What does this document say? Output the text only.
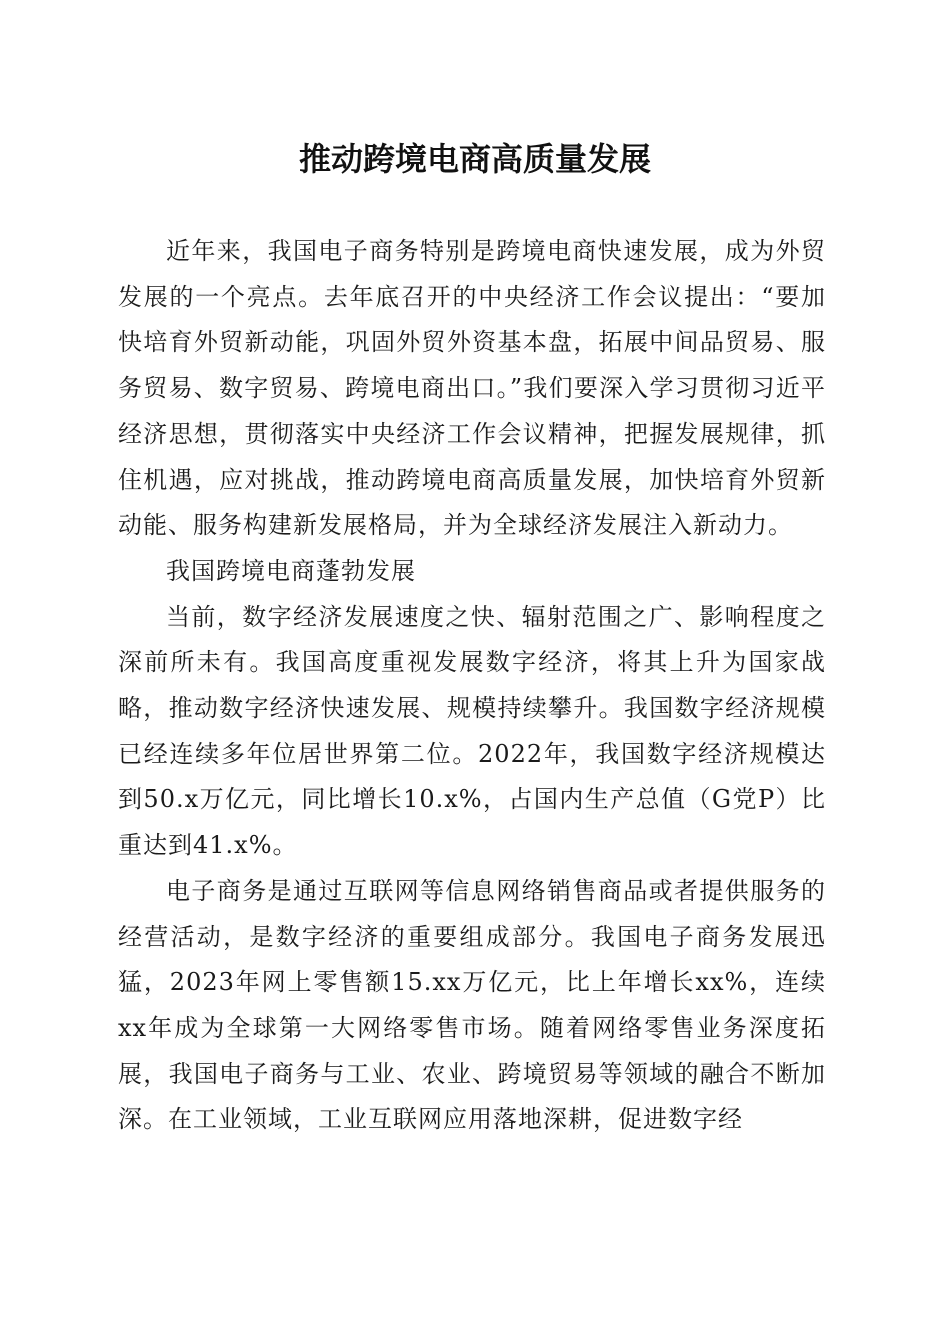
推动跨境电商高质量发展

近年来，我国电子商务特别是跨境电商快速发展，成为外贸发展的一个亮点。去年底召开的中央经济工作会议提出：“要加快培育外贸新动能，巩固外贸外资基本盘，拓展中间品贸易、服务贸易、数字贸易、跨境电商出口。”我们要深入学习贯彻习近平经济思想，贯彻落实中央经济工作会议精神，把握发展规律，抓住机遇，应对挑战，推动跨境电商高质量发展，加快培育外贸新动能、服务构建新发展格局，并为全球经济发展注入新动力。

我国跨境电商蓬勃发展

当前，数字经济发展速度之快、辐射范围之广、影响程度之深前所未有。我国高度重视发展数字经济，将其上升为国家战略，推动数字经济快速发展、规模持续攀升。我国数字经济规模已经连续多年位居世界第二位。2022年，我国数字经济规模达到50.x万亿元，同比增长10.x%，占国内生产总值（G党P）比重达到41.x%。

电子商务是通过互联网等信息网络销售商品或者提供服务的经营活动，是数字经济的重要组成部分。我国电子商务发展迅猛，2023年网上零售额15.xx万亿元，比上年增长xx%，连续xx年成为全球第一大网络零售市场。随着网络零售业务深度拓展，我国电子商务与工业、农业、跨境贸易等领域的融合不断加深。在工业领域，工业互联网应用落地深耕，促进数字经
